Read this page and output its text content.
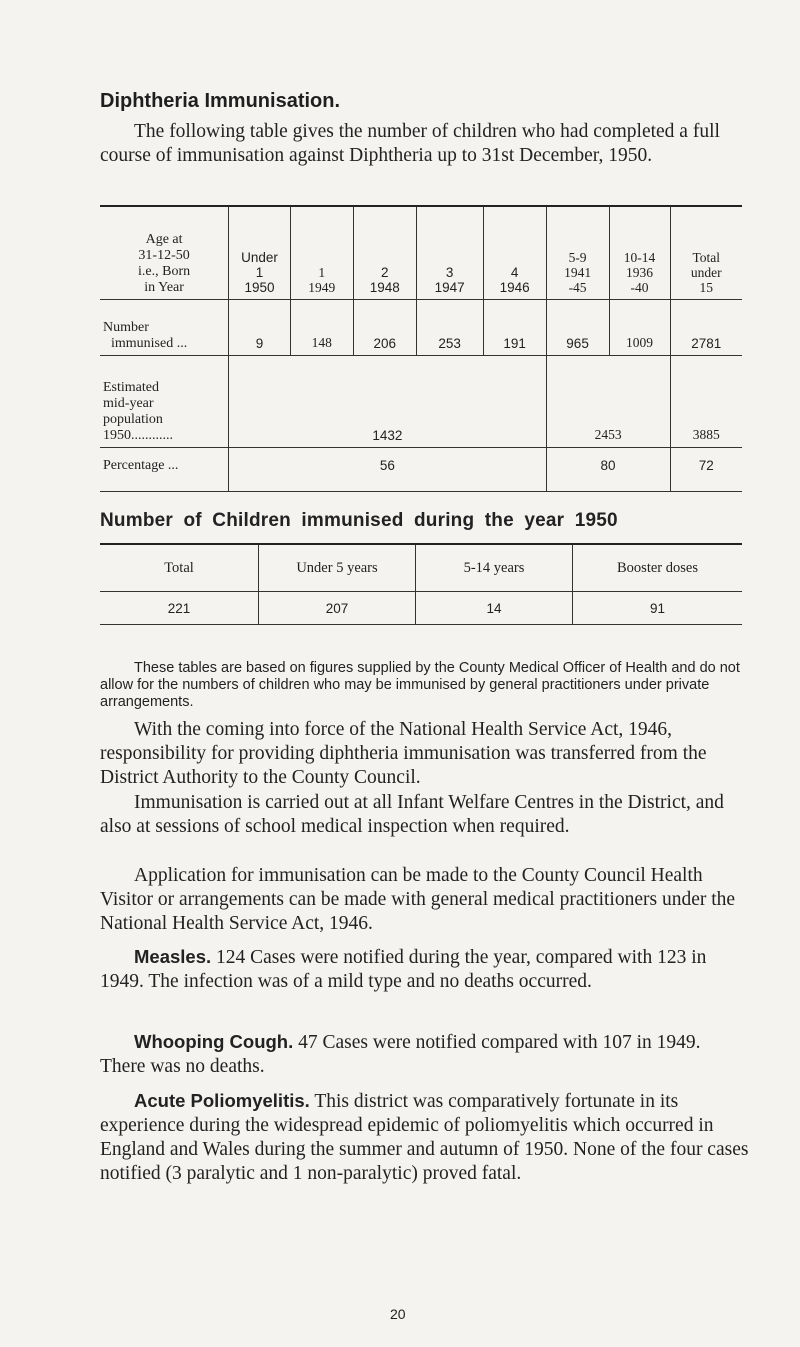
Diphtheria Immunisation.

The following table gives the number of children who had completed a full course of immunisation against Diphtheria up to 31st December, 1950.

Age at
31-12-50
i.e., Born
in Year	Under
1
1950	1
1949	2
1948	3
1947	4
1946	5-9
1941
-45	10-14
1936
-40	Total
under
15
Number
immunised ...	9	148	206	253	191	965	1009	2781
Estimated
mid-year
population
1950............	1432					2453		3885
Percentage ...	56					80		72
Number of Children immunised during the year 1950
Total	Under 5 years	5-14 years	Booster doses
221	207	14	91

These tables are based on figures supplied by the County Medical Officer of Health and do not allow for the numbers of children who may be immunised by general practitioners under private arrangements.

With the coming into force of the National Health Service Act, 1946, responsibility for providing diphtheria immunisation was transferred from the District Authority to the County Council.

Immunisation is carried out at all Infant Welfare Centres in the District, and also at sessions of school medical inspection when required.

Application for immunisation can be made to the County Council Health Visitor or arrangements can be made with general medical practitioners under the National Health Service Act, 1946.

Measles. 124 Cases were notified during the year, compared with 123 in 1949. The infection was of a mild type and no deaths occurred.

Whooping Cough. 47 Cases were notified compared with 107 in 1949. There was no deaths.

Acute Poliomyelitis. This district was comparatively fortunate in its experience during the widespread epidemic of poliomyelitis which occurred in England and Wales during the summer and autumn of 1950. None of the four cases notified (3 paralytic and 1 non-paralytic) proved fatal.

20
